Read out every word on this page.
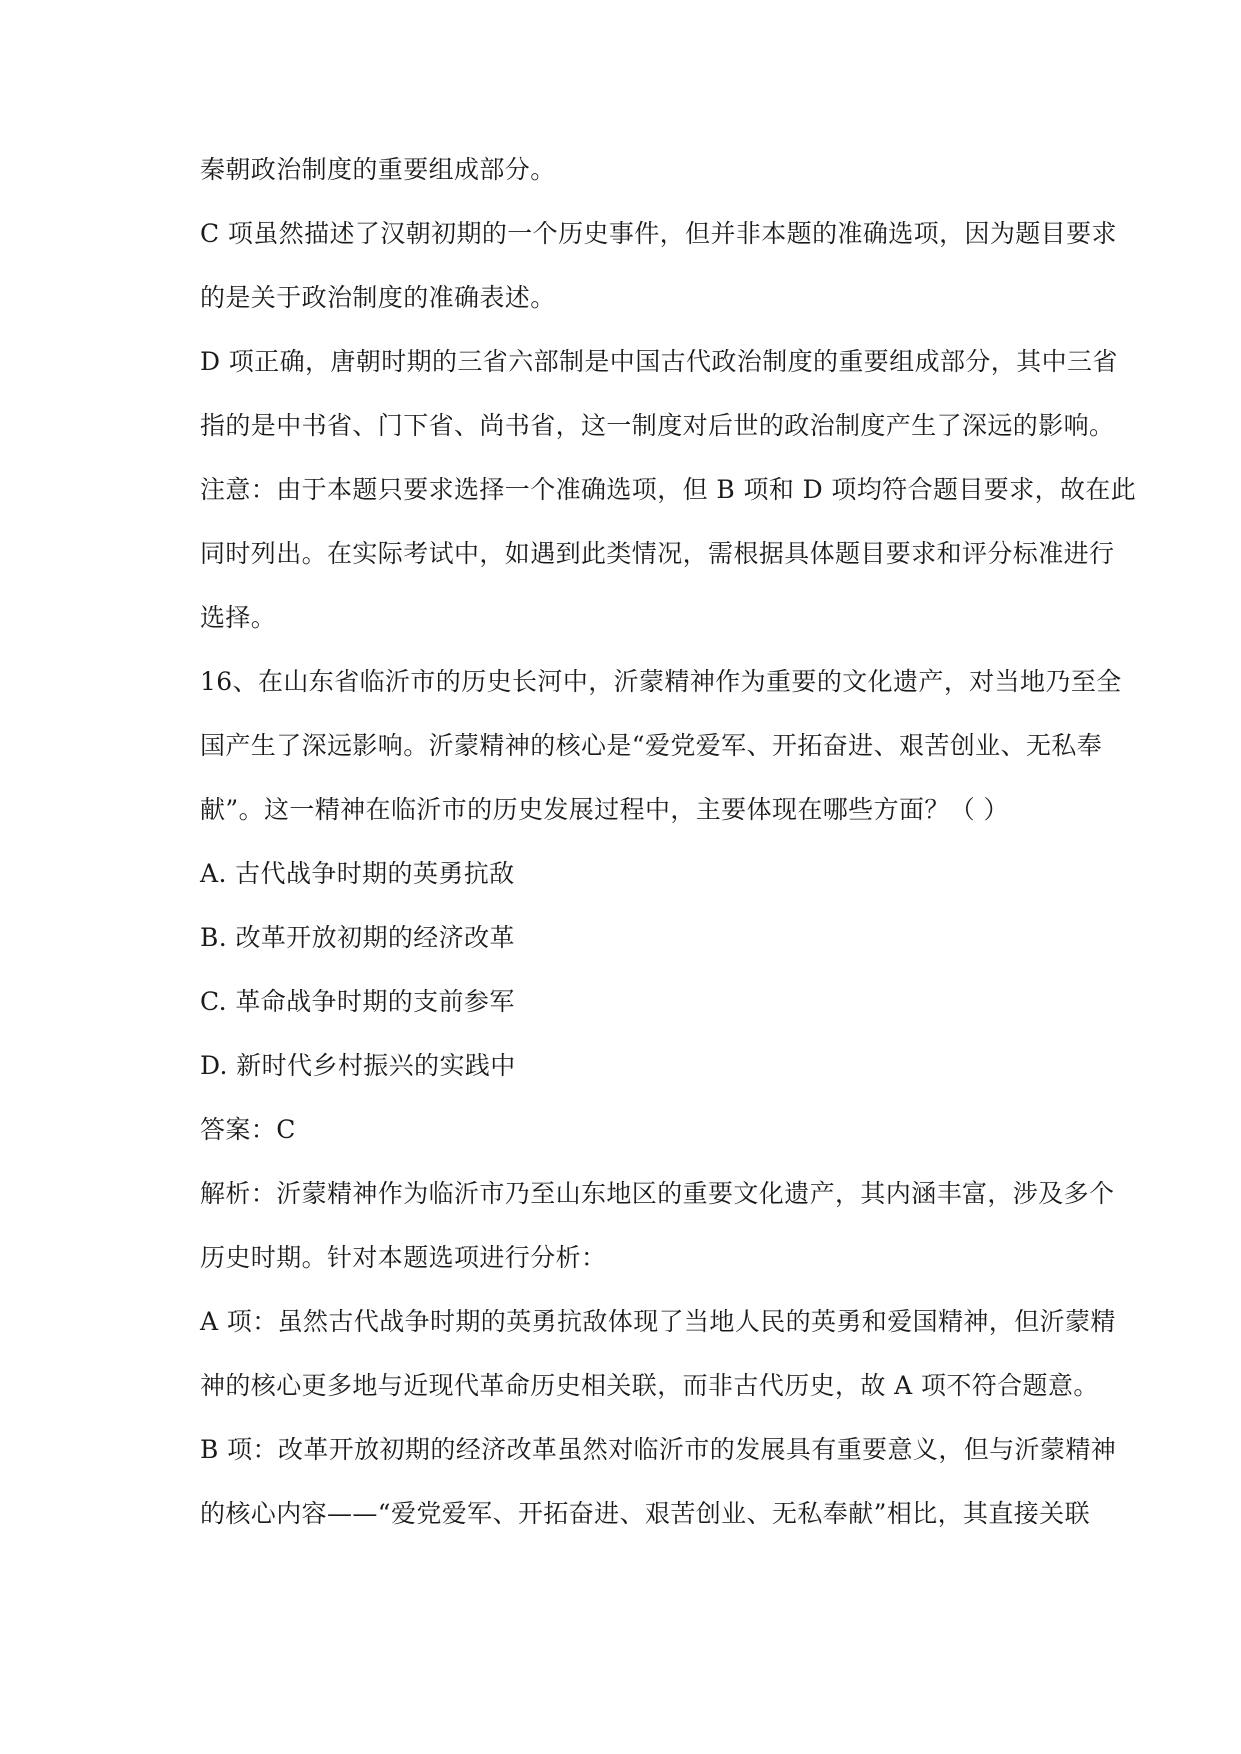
秦朝政治制度的重要组成部分。
C 项虽然描述了汉朝初期的一个历史事件，但并非本题的准确选项，因为题目要求
的是关于政治制度的准确表述。
D 项正确，唐朝时期的三省六部制是中国古代政治制度的重要组成部分，其中三省
指的是中书省、门下省、尚书省，这一制度对后世的政治制度产生了深远的影响。
注意：由于本题只要求选择一个准确选项，但 B 项和 D 项均符合题目要求，故在此
同时列出。在实际考试中，如遇到此类情况，需根据具体题目要求和评分标准进行
选择。
16、在山东省临沂市的历史长河中，沂蒙精神作为重要的文化遗产，对当地乃至全
国产生了深远影响。沂蒙精神的核心是“爱党爱军、开拓奋进、艰苦创业、无私奉
献”。这一精神在临沂市的历史发展过程中，主要体现在哪些方面？（ ）
A. 古代战争时期的英勇抗敌
B. 改革开放初期的经济改革
C. 革命战争时期的支前参军
D. 新时代乡村振兴的实践中
答案：C
解析：沂蒙精神作为临沂市乃至山东地区的重要文化遗产，其内涵丰富，涉及多个
历史时期。针对本题选项进行分析：
A 项：虽然古代战争时期的英勇抗敌体现了当地人民的英勇和爱国精神，但沂蒙精
神的核心更多地与近现代革命历史相关联，而非古代历史，故 A 项不符合题意。
B 项：改革开放初期的经济改革虽然对临沂市的发展具有重要意义，但与沂蒙精神
的核心内容——“爱党爱军、开拓奋进、艰苦创业、无私奉献”相比，其直接关联
